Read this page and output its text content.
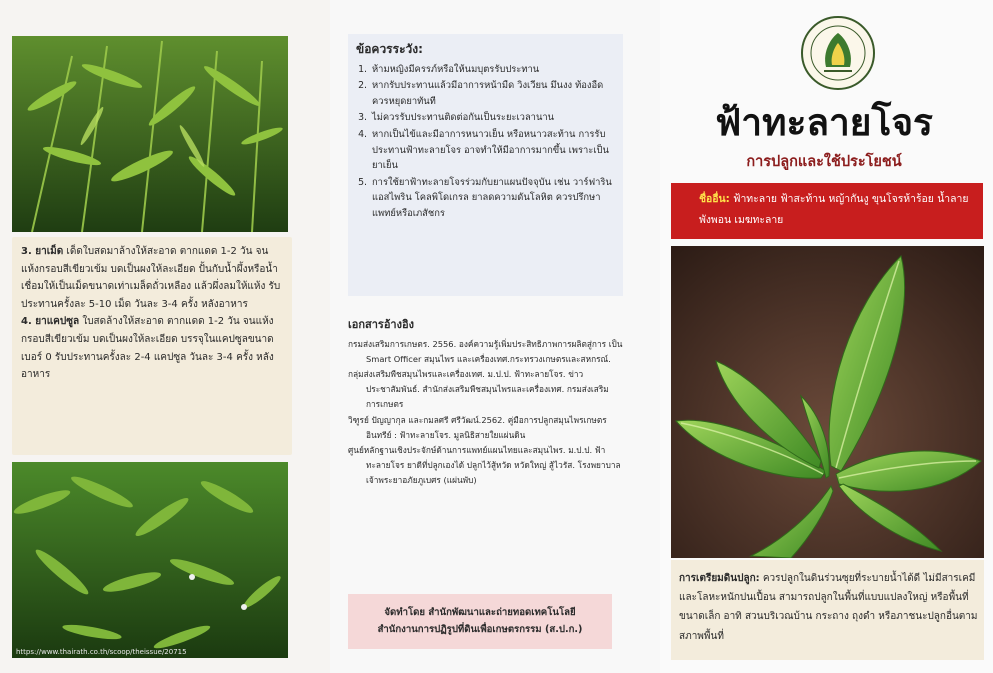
3. ยาเม็ด เด็ดใบสดมาล้างให้สะอาด ตากแดด 1-2 วัน จนแห้งกรอบสีเขียวเข้ม บดเป็นผงให้ละเอียด ปั้นกับน้ำผึ้งหรือน้ำเชื่อมให้เป็นเม็ดขนาดเท่าเมล็ดถั่วเหลือง แล้วผึ่งลมให้แห้ง รับประทานครั้งละ 5-10 เม็ด วันละ 3-4 ครั้ง หลังอาหาร
4. ยาแคปซูล ใบสดล้างให้สะอาด ตากแดด 1-2 วัน จนแห้งกรอบสีเขียวเข้ม บดเป็นผงให้ละเอียด บรรจุในแคปซูลขนาดเบอร์ 0 รับประทานครั้งละ 2-4 แคปซูล วันละ 3-4 ครั้ง หลังอาหาร
https://www.thairath.co.th/scoop/theissue/20715
ข้อควรระวัง:
1. ห้ามหญิงมีครรภ์หรือให้นมบุตรรับประทาน
2. หากรับประทานแล้วมีอาการหน้ามืด วิงเวียน มึนงง ท้องอืด ควรหยุดยาทันที
3. ไม่ควรรับประทานติดต่อกันเป็นระยะเวลานาน
4. หากเป็นไข้และมีอาการหนาวเย็น หรือหนาวสะท้าน การรับประทานฟ้าทะลายโจร อาจทำให้มีอาการมากขึ้น เพราะเป็นยาเย็น
5. การใช้ยาฟ้าทะลายโจรร่วมกับยาแผนปัจจุบัน เช่น วาร์ฟาริน แอสไพริน โคลพิโดเกรล ยาลดความดันโลหิต ควรปรึกษาแพทย์หรือเภสัชกร
เอกสารอ้างอิง
กรมส่งเสริมการเกษตร. 2556. องค์ความรู้เพิ่มประสิทธิภาพการผลิตสู่การ เป็น Smart Officer สมุนไพร และเครื่องเทศ.กระทรวงเกษตรและสหกรณ์.
กลุ่มส่งเสริมพืชสมุนไพรและเครื่องเทศ. ม.ป.ป. ฟ้าทะลายโจร. ข่าวประชาสัมพันธ์. สำนักส่งเสริมพืชสมุนไพรและเครื่องเทศ. กรมส่งเสริมการเกษตร
วิฑูรย์ ปัญญากุล และกมลศรี ศรีวัฒน์.2562. คู่มือการปลูกสมุนไพรเกษตรอินทรีย์ : ฟ้าทะลายโจร. มูลนิธิสายใยแผ่นดิน
ศูนย์หลักฐานเชิงประจักษ์ด้านการแพทย์แผนไทยและสมุนไพร. ม.ป.ป. ฟ้าทะลายโจร ยาดีที่ปลูกเองได้ ปลูกไว้สู้หวัด หวัดใหญ่ สู้ไวรัส. โรงพยาบาลเจ้าพระยาอภัยภูเบศร (แผ่นพับ)
จัดทำโดย สำนักพัฒนาและถ่ายทอดเทคโนโลยี
สำนักงานการปฏิรูปที่ดินเพื่อเกษตรกรรม (ส.ป.ก.)
ฟ้าทะลายโจร
การปลูกและใช้ประโยชน์
ชื่ออื่น: ฟ้าทะลาย ฟ้าสะท้าน หญ้ากันงู ขุนโจรห้าร้อย น้ำลายพังพอน เมฆทะลาย
การเตรียมดินปลูก: ควรปลูกในดินร่วนซุยที่ระบายน้ำได้ดี ไม่มีสารเคมีและโลหะหนักปนเปื้อน สามารถปลูกในพื้นที่แบบแปลงใหญ่ หรือพื้นที่ขนาดเล็ก อาทิ สวนบริเวณบ้าน กระถาง ถุงดำ หรือภาชนะปลูกอื่นตามสภาพพื้นที่
